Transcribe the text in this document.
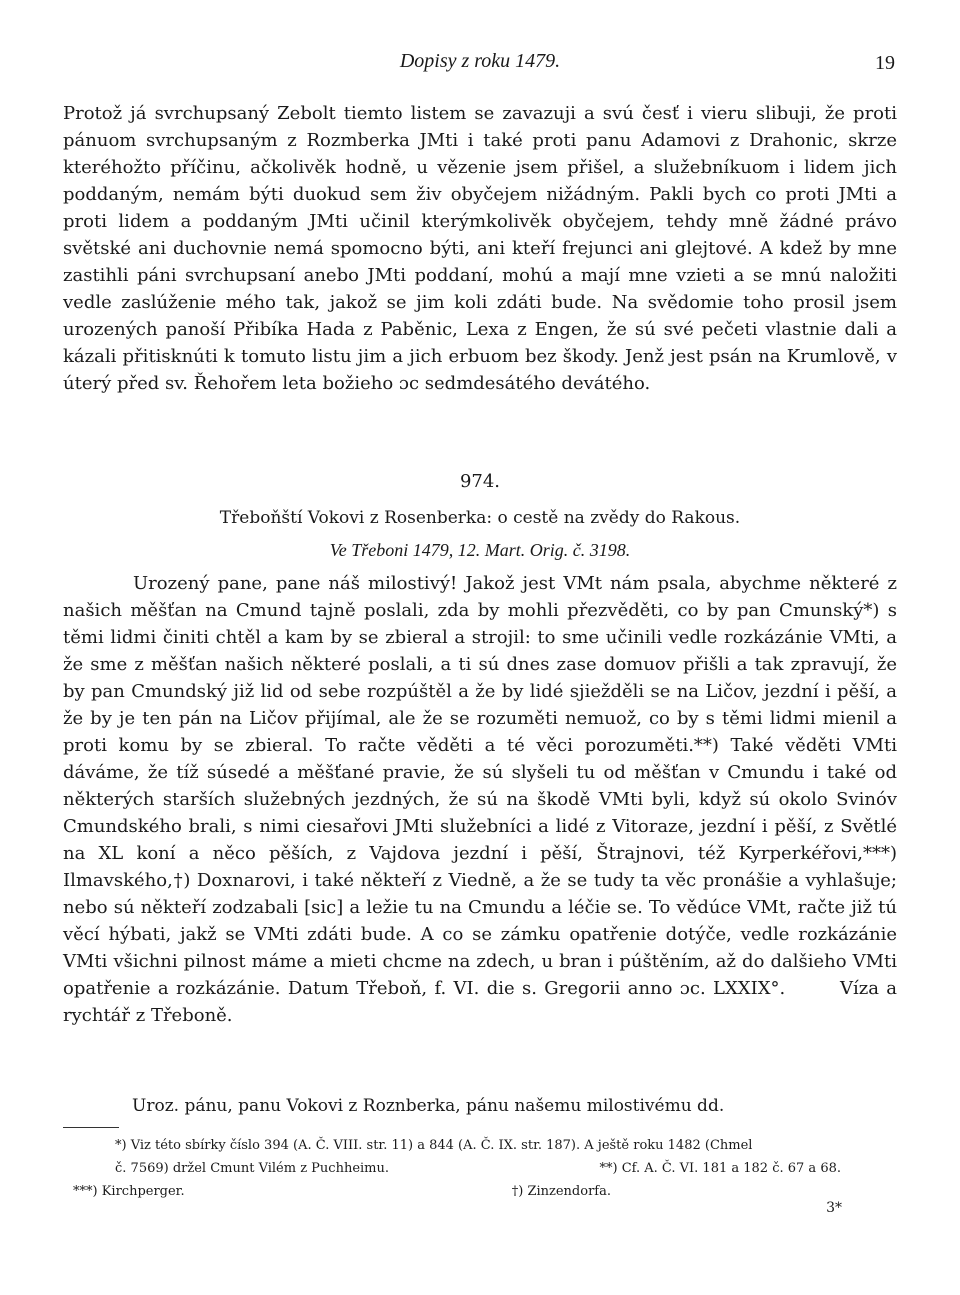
Dopisy z roku 1479.	19

Protož já svrchupsaný Zebolt tiemto listem se zavazuji a svú česť i vieru slibuji, že proti pánuom svrchupsaným z Rozmberka JMti i také proti panu Adamovi z Drahonic, skrze kteréhožto příčinu, ačkolivěk hodně, u vězenie jsem přišel, a služebníkuom i lidem jich poddaným, nemám býti duokud sem živ obyčejem nižádným. Pakli bych co proti JMti a proti lidem a poddaným JMti učinil kterýmkolivěk obyčejem, tehdy mně žádné právo světské ani duchovnie nemá spomocno býti, ani kteří frejunci ani glejtové. A kdež by mne zastihli páni svrchupsaní anebo JMti poddaní, mohú a mají mne vzieti a se mnú naložiti vedle zaslúženie mého tak, jakož se jim koli zdáti bude. Na svědomie toho prosil jsem urozených panoší Přibíka Hada z Paběnic, Lexa z Engen, že sú své pečeti vlastnie dali a kázali přitisknúti k tomuto listu jim a jich erbuom bez škody. Jenž jest psán na Krumlově, v úterý před sv. Řehořem leta božieho ɔc sedmdesátého devátého.

974.
Třeboňští Vokovi z Rosenberka: o cestě na zvědy do Rakous.
Ve Třeboni 1479, 12. Mart. Orig. č. 3198.

Urozený pane, pane náš milostivý! Jakož jest VMt nám psala, abychme některé z našich měšťan na Cmund tajně poslali, zda by mohli přezvěděti, co by pan Cmunský*) s těmi lidmi činiti chtěl a kam by se zbieral a strojil: to sme učinili vedle rozkázánie VMti, a že sme z měšťan našich některé poslali, a ti sú dnes zase domuov přišli a tak zpravují, že by pan Cmundský již lid od sebe rozpúštěl a že by lidé sjiežděli se na Ličov, jezdní i pěší, a že by je ten pán na Ličov přijímal, ale že se rozuměti nemuož, co by s těmi lidmi mienil a proti komu by se zbieral. To račte věděti a té věci porozuměti.**) Také věděti VMti dáváme, že tíž súsedé a měšťané pravie, že sú slyšeli tu od měšťan v Cmundu i také od některých starších služebných jezdných, že sú na škodě VMti byli, když sú okolo Svinóv Cmundského brali, s nimi ciesařovi JMti služebníci a lidé z Vitoraze, jezdní i pěší, z Světlé na XL koní a něco pěších, z Vajdova jezdní i pěší, Štrajnovi, též Kyrperkéřovi,***) Ilmavského,†) Doxnarovi, i také někteří z Viedně, a že se tudy ta věc pronášie a vyhlašuje; nebo sú někteří zodzabali [sic] a ležie tu na Cmundu a léčie se. To vědúce VMt, račte již tú věcí hýbati, jakž se VMti zdáti bude. A co se zámku opatřenie dotýče, vedle rozkázánie VMti všichni pilnost máme a mieti chcme na zdech, u bran i púštěním, až do dalšieho VMti opatřenie a rozkázánie. Datum Třeboň, f. VI. die s. Gregorii anno ɔc. LXXIX°.	Víza a rychtář z Třeboně.

Uroz. pánu, panu Vokovi z Roznberka, pánu našemu milostivému dd.

*) Viz této sbírky číslo 394 (A. Č. VIII. str. 11) a 844 (A. Č. IX. str. 187). A ještě roku 1482 (Chmel

č. 7569) držel Cmunt Vilém z Puchheimu.	**) Cf. A. Č. VI. 181 a 182 č. 67 a 68.

***) Kirchperger.	†) Zinzendorfa.

3*
